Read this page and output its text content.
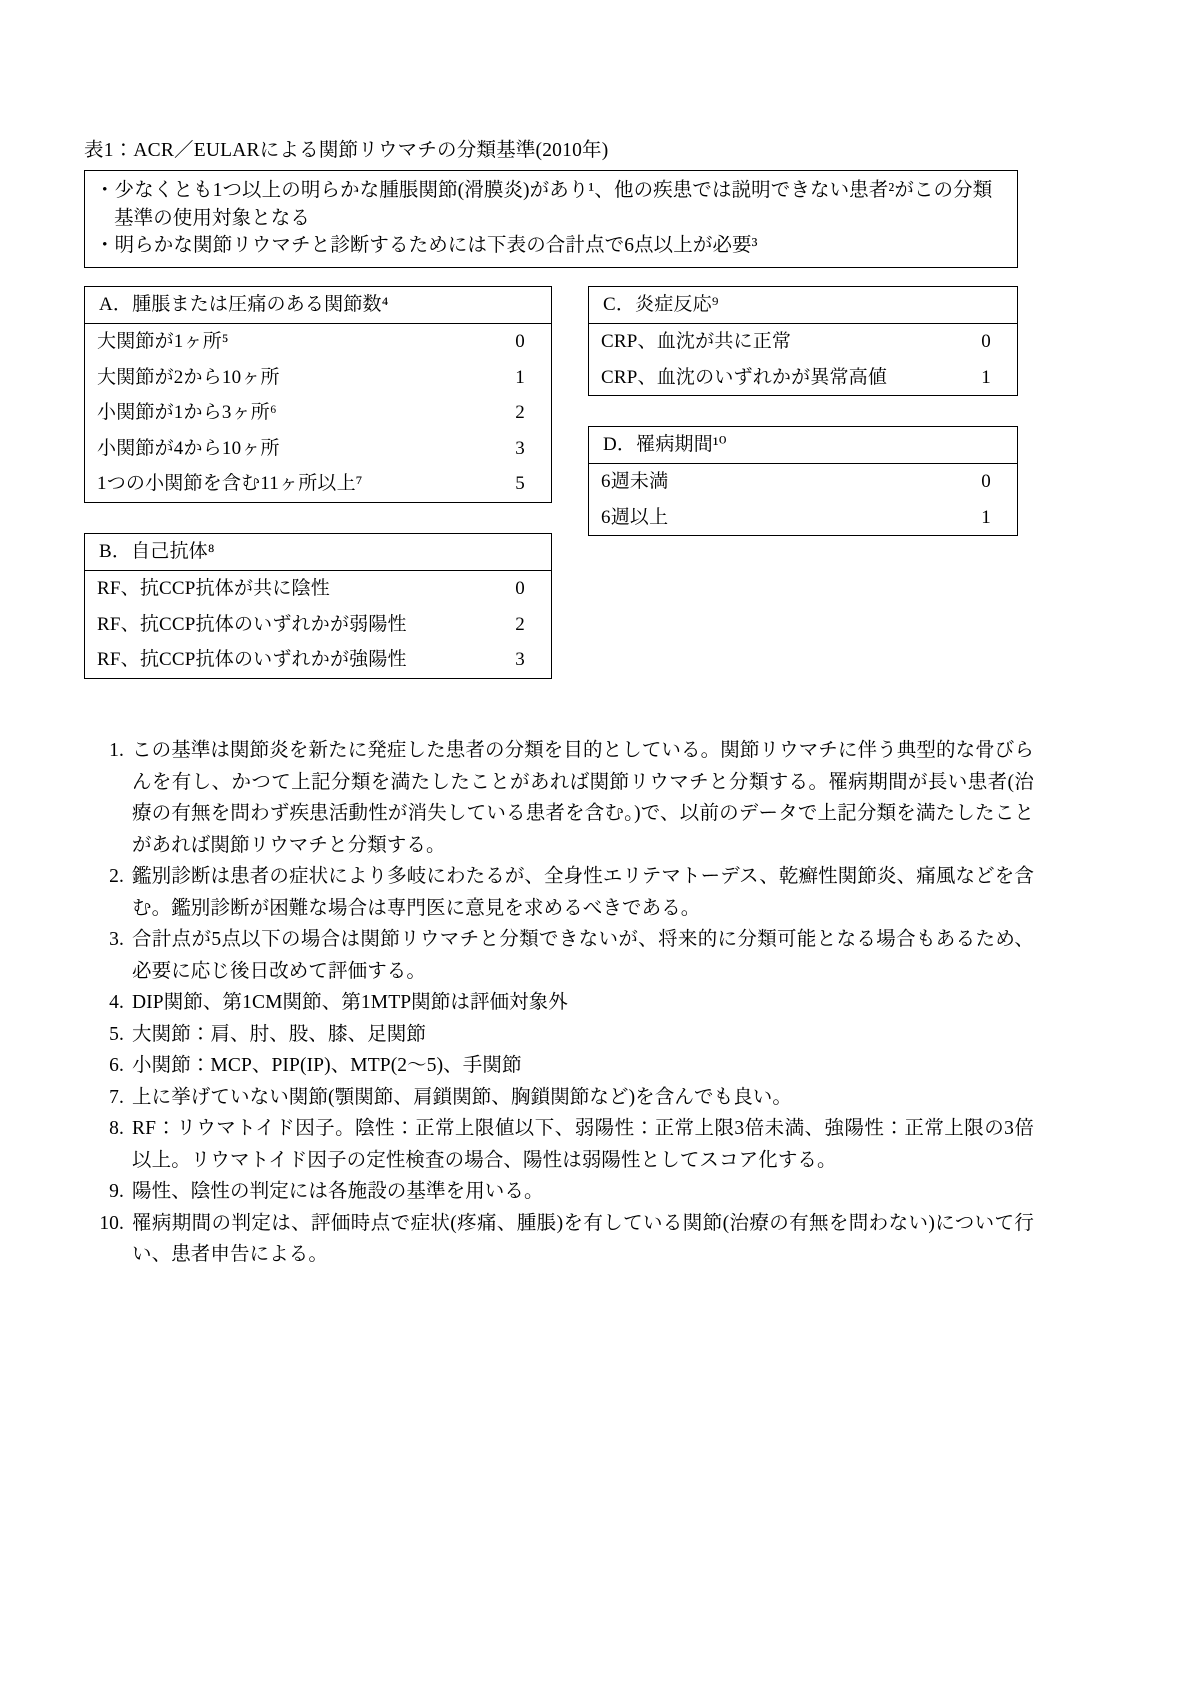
表1：ACR／EULARによる関節リウマチの分類基準(2010年)
・少なくとも1つ以上の明らかな腫脹関節(滑膜炎)があり¹、他の疾患では説明できない患者²がこの分類基準の使用対象となる
・明らかな関節リウマチと診断するためには下表の合計点で6点以上が必要³
A．腫脹または圧痛のある関節数⁴
大関節が1ヶ所⁵	0
大関節が2から10ヶ所	1
小関節が1から3ヶ所⁶	2
小関節が4から10ヶ所	3
1つの小関節を含む11ヶ所以上⁷	5
B．自己抗体⁸
RF、抗CCP抗体が共に陰性	0
RF、抗CCP抗体のいずれかが弱陽性	2
RF、抗CCP抗体のいずれかが強陽性	3
C．炎症反応⁹
CRP、血沈が共に正常	0
CRP、血沈のいずれかが異常高値	1
D．罹病期間¹⁰
6週未満	0
6週以上	1
1. この基準は関節炎を新たに発症した患者の分類を目的としている。関節リウマチに伴う典型的な骨びらんを有し、かつて上記分類を満たしたことがあれば関節リウマチと分類する。罹病期間が長い患者(治療の有無を問わず疾患活動性が消失している患者を含む。)で、以前のデータで上記分類を満たしたことがあれば関節リウマチと分類する。
2. 鑑別診断は患者の症状により多岐にわたるが、全身性エリテマトーデス、乾癬性関節炎、痛風などを含む。鑑別診断が困難な場合は専門医に意見を求めるべきである。
3. 合計点が5点以下の場合は関節リウマチと分類できないが、将来的に分類可能となる場合もあるため、必要に応じ後日改めて評価する。
4. DIP関節、第1CM関節、第1MTP関節は評価対象外
5. 大関節：肩、肘、股、膝、足関節
6. 小関節：MCP、PIP(IP)、MTP(2〜5)、手関節
7. 上に挙げていない関節(顎関節、肩鎖関節、胸鎖関節など)を含んでも良い。
8. RF：リウマトイド因子。陰性：正常上限値以下、弱陽性：正常上限3倍未満、強陽性：正常上限の3倍以上。リウマトイド因子の定性検査の場合、陽性は弱陽性としてスコア化する。
9. 陽性、陰性の判定には各施設の基準を用いる。
10. 罹病期間の判定は、評価時点で症状(疼痛、腫脹)を有している関節(治療の有無を問わない)について行い、患者申告による。
